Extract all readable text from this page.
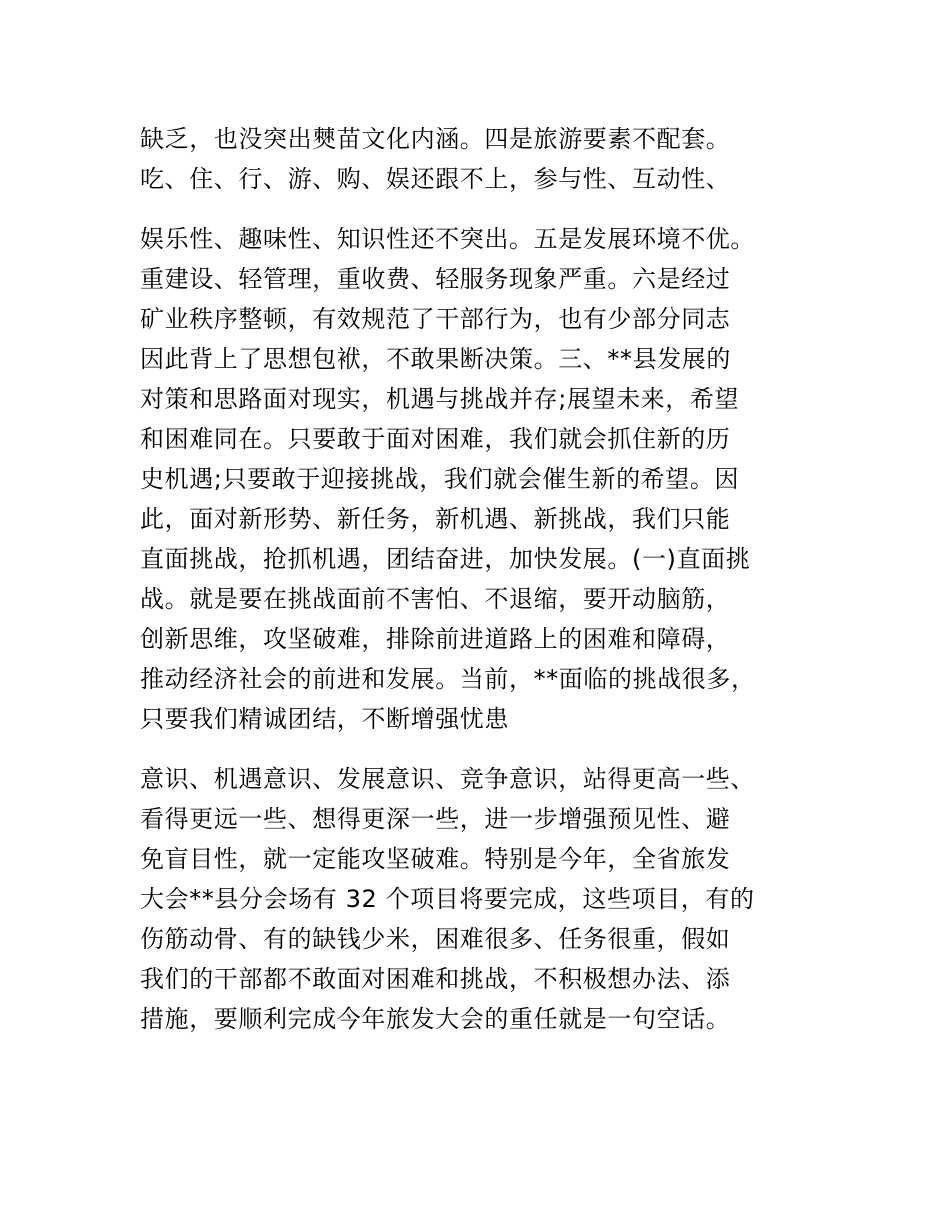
缺乏，也没突出僰苗文化内涵。四是旅游要素不配套。
吃、住、行、游、购、娱还跟不上，参与性、互动性、
娱乐性、趣味性、知识性还不突出。五是发展环境不优。
重建设、轻管理，重收费、轻服务现象严重。六是经过
矿业秩序整顿，有效规范了干部行为，也有少部分同志
因此背上了思想包袱，不敢果断决策。三、**县发展的
对策和思路面对现实，机遇与挑战并存;展望未来，希望
和困难同在。只要敢于面对困难，我们就会抓住新的历
史机遇;只要敢于迎接挑战，我们就会催生新的希望。因
此，面对新形势、新任务，新机遇、新挑战，我们只能
直面挑战，抢抓机遇，团结奋进，加快发展。(一)直面挑
战。就是要在挑战面前不害怕、不退缩，要开动脑筋，
创新思维，攻坚破难，排除前进道路上的困难和障碍，
推动经济社会的前进和发展。当前，**面临的挑战很多，
只要我们精诚团结，不断增强忧患
意识、机遇意识、发展意识、竞争意识，站得更高一些、
看得更远一些、想得更深一些，进一步增强预见性、避
免盲目性，就一定能攻坚破难。特别是今年，全省旅发
大会**县分会场有 32 个项目将要完成，这些项目，有的
伤筋动骨、有的缺钱少米，困难很多、任务很重，假如
我们的干部都不敢面对困难和挑战，不积极想办法、添
措施，要顺利完成今年旅发大会的重任就是一句空话。
